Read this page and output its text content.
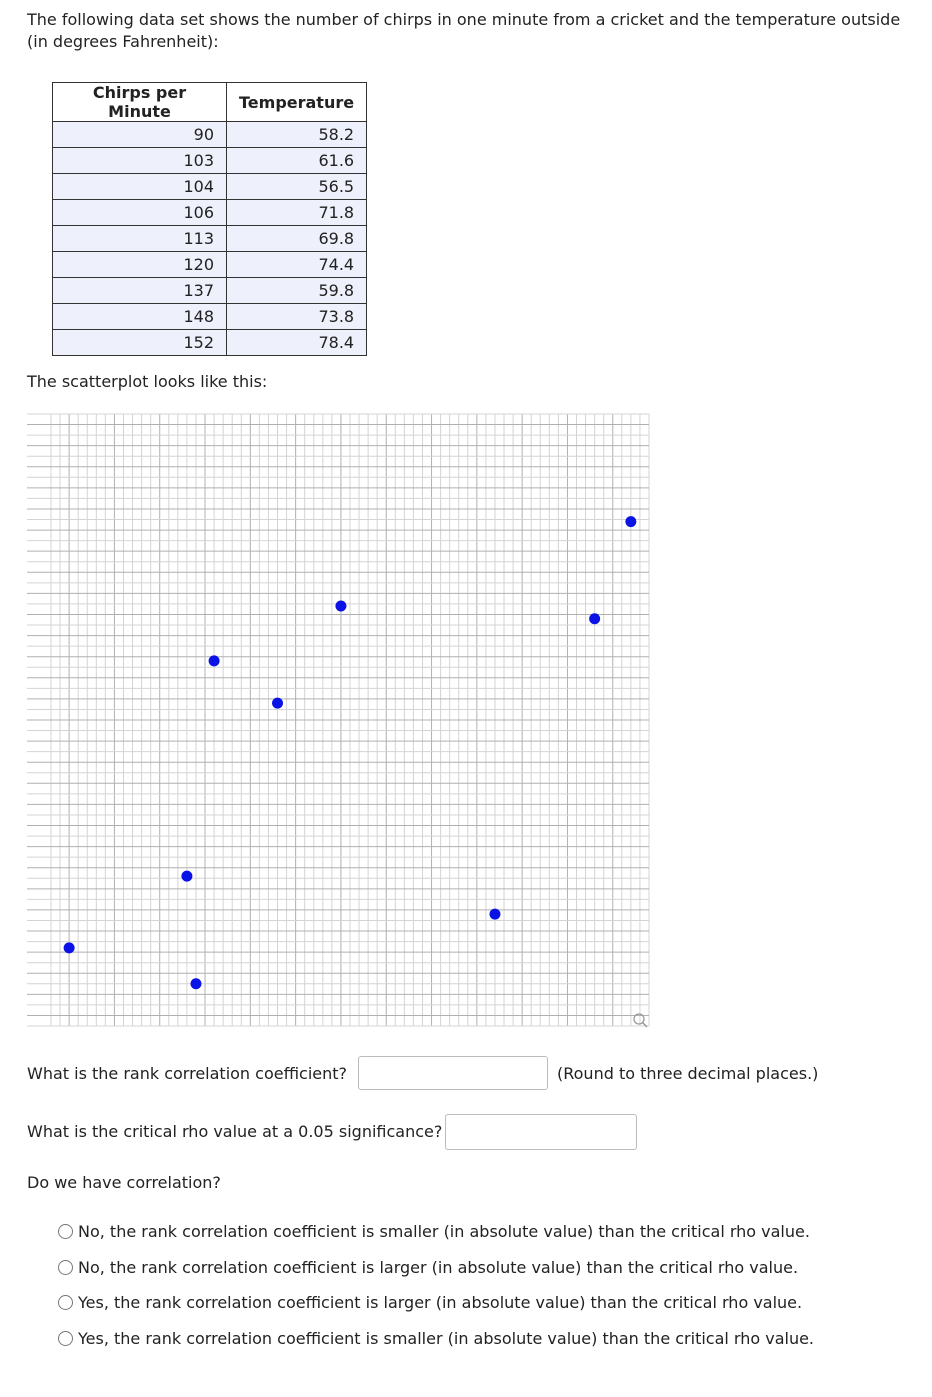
The following data set shows the number of chirps in one minute from a cricket and the temperature outside (in degrees Fahrenheit):
Chirps per Minute	Temperature
90	58.2
103	61.6
104	56.5
106	71.8
113	69.8
120	74.4
137	59.8
148	73.8
152	78.4
The scatterplot looks like this:
What is the rank correlation coefficient?	(Round to three decimal places.)
What is the critical rho value at a 0.05 significance?
Do we have correlation?
No, the rank correlation coefficient is smaller (in absolute value) than the critical rho value.
No, the rank correlation coefficient is larger (in absolute value) than the critical rho value.
Yes, the rank correlation coefficient is larger (in absolute value) than the critical rho value.
Yes, the rank correlation coefficient is smaller (in absolute value) than the critical rho value.
